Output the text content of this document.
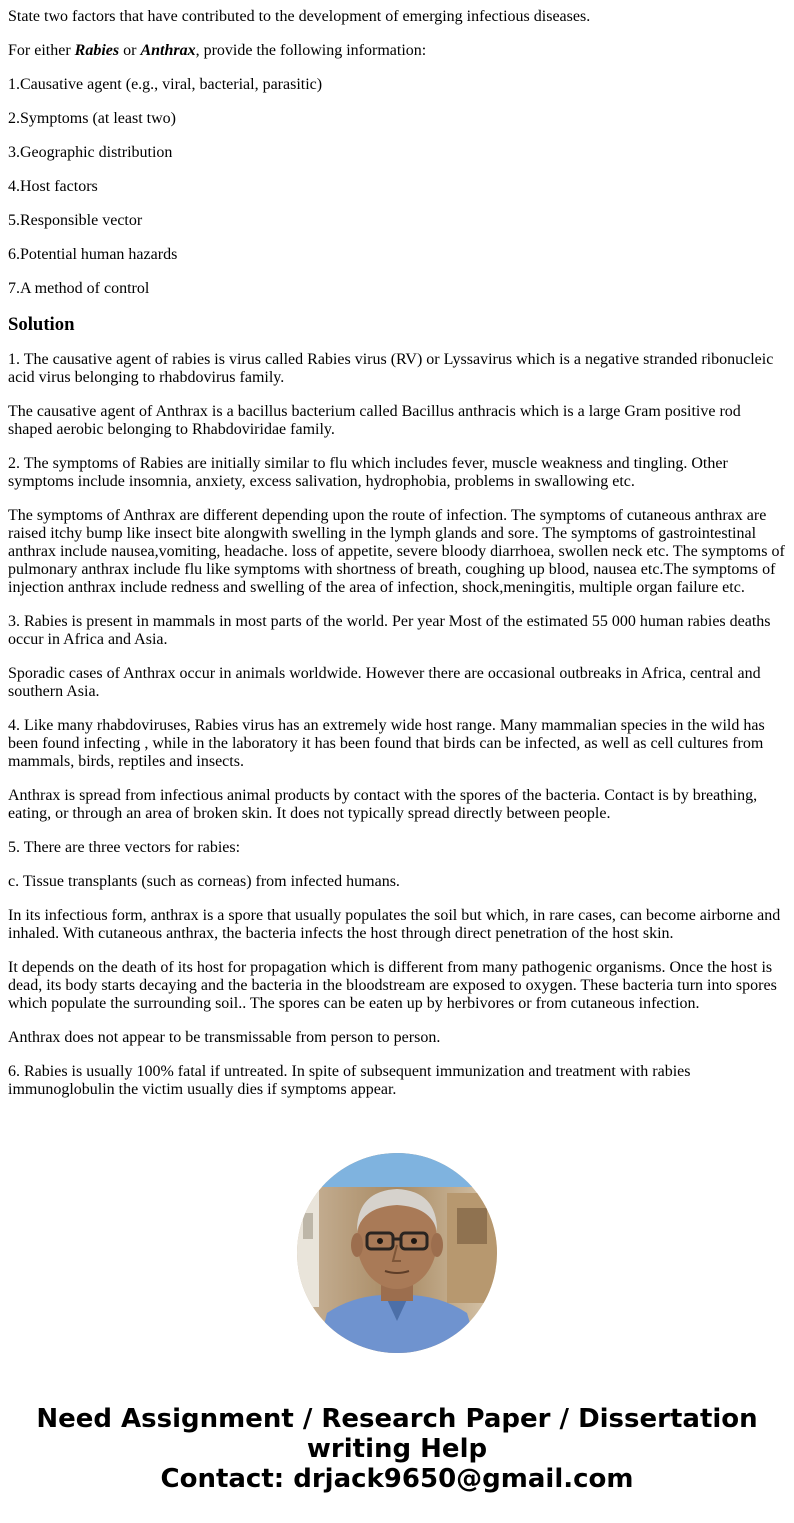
State two factors that have contributed to the development of emerging infectious diseases.

For either Rabies or Anthrax, provide the following information:

1.Causative agent (e.g., viral, bacterial, parasitic)

2.Symptoms (at least two)

3.Geographic distribution

4.Host factors

5.Responsible vector

6.Potential human hazards

7.A method of control

Solution

1. The causative agent of rabies is virus called Rabies virus (RV) or Lyssavirus which is a negative stranded ribonucleic acid virus belonging to rhabdovirus family.

The causative agent of Anthrax is a bacillus bacterium called Bacillus anthracis which is a large Gram positive rod shaped aerobic belonging to Rhabdoviridae family.

2. The symptoms of Rabies are initially similar to flu which includes fever, muscle weakness and tingling. Other symptoms include insomnia, anxiety, excess salivation, hydrophobia, problems in swallowing etc.

The symptoms of Anthrax are different depending upon the route of infection. The symptoms of cutaneous anthrax are raised itchy bump like insect bite alongwith swelling in the lymph glands and sore. The symptoms of gastrointestinal anthrax include nausea,vomiting, headache. loss of appetite, severe bloody diarrhoea, swollen neck etc. The symptoms of pulmonary anthrax include flu like symptoms with shortness of breath, coughing up blood, nausea etc.The symptoms of injection anthrax include redness and swelling of the area of infection, shock,meningitis, multiple organ failure etc.

3. Rabies is present in mammals in most parts of the world. Per year Most of the estimated 55 000 human rabies deaths occur in Africa and Asia.

Sporadic cases of Anthrax occur in animals worldwide. However there are occasional outbreaks in Africa, central and southern Asia.

4. Like many rhabdoviruses, Rabies virus has an extremely wide host range. Many mammalian species in the wild has been found infecting , while in the laboratory it has been found that birds can be infected, as well as cell cultures from mammals, birds, reptiles and insects.

Anthrax is spread from infectious animal products by contact with the spores of the bacteria. Contact is by breathing, eating, or through an area of broken skin. It does not typically spread directly between people.

5. There are three vectors for rabies:

c. Tissue transplants (such as corneas) from infected humans.

In its infectious form, anthrax is a spore that usually populates the soil but which, in rare cases, can become airborne and inhaled. With cutaneous anthrax, the bacteria infects the host through direct penetration of the host skin.

It depends on the death of its host for propagation which is different from many pathogenic organisms. Once the host is dead, its body starts decaying and the bacteria in the bloodstream are exposed to oxygen. These bacteria turn into spores which populate the surrounding soil.. The spores can be eaten up by herbivores or from cutaneous infection.

Anthrax does not appear to be transmissable from person to person.

6. Rabies is usually 100% fatal if untreated. In spite of subsequent immunization and treatment with rabies immunoglobulin the victim usually dies if symptoms appear.

Need Assignment / Research Paper / Dissertation
writing Help
Contact: drjack9650@gmail.com
